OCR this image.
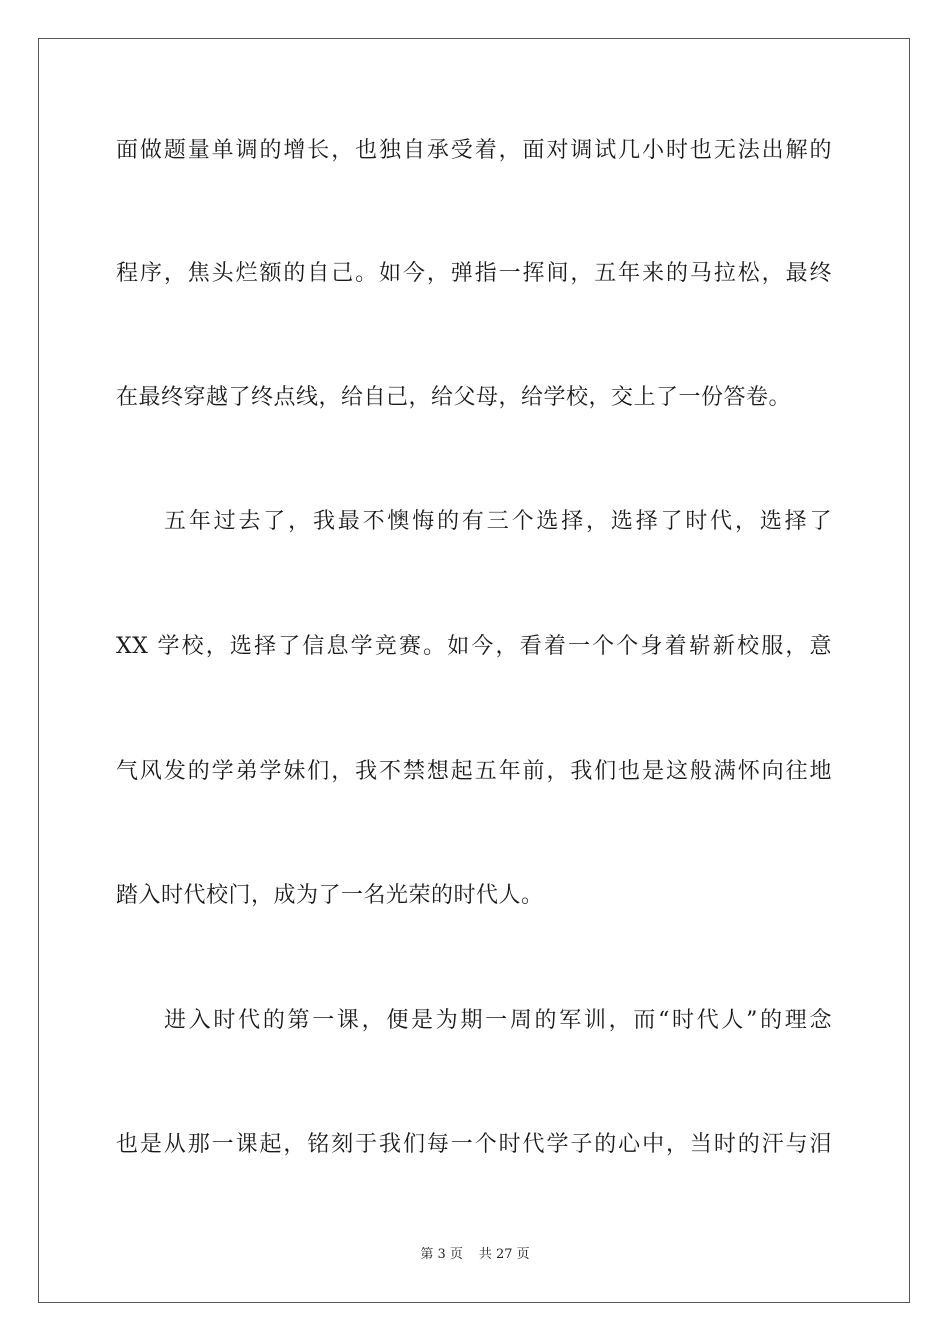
面做题量单调的增长，也独自承受着，面对调试几小时也无法出解的
程序，焦头烂额的自己。如今，弹指一挥间，五年来的马拉松，最终
在最终穿越了终点线，给自己，给父母，给学校，交上了一份答卷。
五年过去了，我最不懊悔的有三个选择，选择了时代，选择了
XX 学校，选择了信息学竞赛。如今，看着一个个身着崭新校服，意
气风发的学弟学妹们，我不禁想起五年前，我们也是这般满怀向往地
踏入时代校门，成为了一名光荣的时代人。
进入时代的第一课，便是为期一周的军训，而“时代人”的理念
也是从那一课起，铭刻于我们每一个时代学子的心中，当时的汗与泪
第 3 页 共 27 页
